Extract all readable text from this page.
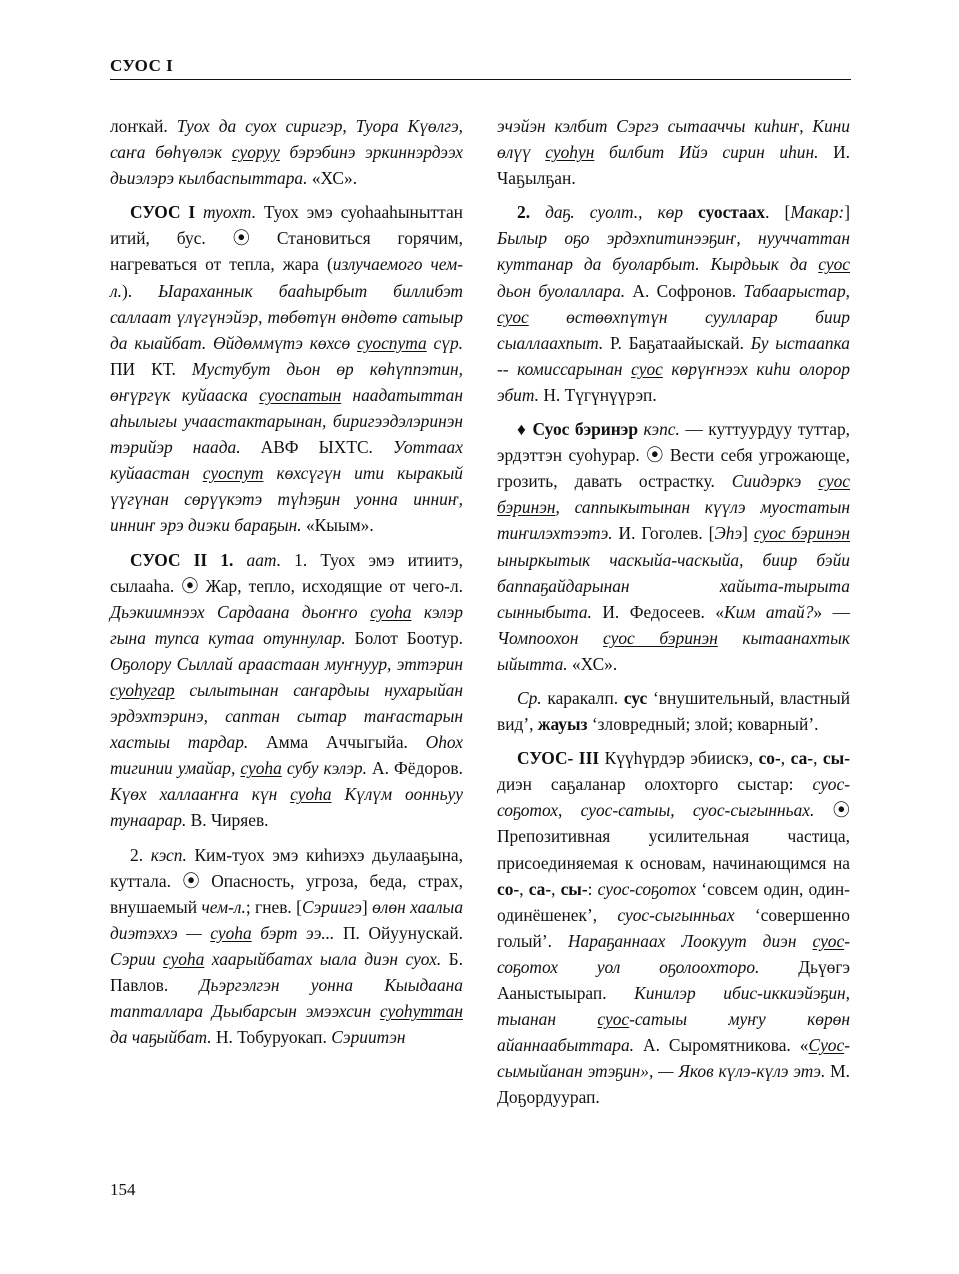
СУОС I

лоҥкай. Туох да суох сиригэр, Туора Күөлгэ, саҥа бөһүөлэк суоруу бэрэбинэ эркиннэрдээх дьиэлэрэ кылбаспыттара. «ХС».

СУОС I туохт. Туох эмэ суоһааһыныттан итий, бус. ⦿ Становиться горячим, нагреваться от тепла, жара (излучаемого чем-л.). Ыараханнык бааһырбыт биллибэт саллаат үлүгүнэйэр, төбөтүн өндөтө сатыыр да кыайбат. Өйдөммүтэ көхсө суоспута сүр. ПИ КТ. Мустубут дьон өр көһүппэтин, өҥүргүк куйааска суоспатын наадатыттан аһылыгы учаастактарынан, биригээдэлэринэн тэрийэр наада. АВФ ЫХТС. Уоттаах куйаастан суоспут көхсүгүн ити кыракый үүгүнан сөрүүкэтэ түһэҕин уонна инниҥ, инниҥ эрэ диэки бараҕын. «Кыым».

СУОС II 1. аат. 1. Туох эмэ итиитэ, сылааһа. ⦿ Жар, тепло, исходящие от чего-л. Дьэкиимнээх Сардаана дьоҥҥо суоһа кэлэр гына тупса кутаа отуннулар. Болот Боотур. Оҕолору Сыллай араастаан муҥнуур, эттэрин суоһугар сылытынан саҥардыы нухарыйан эрдэхтэринэ, саптан сытар таҥастарын хастыы тардар. Амма Аччыгыйа. Оһох тигинии умайар, суоһа субу кэлэр. А. Фёдоров. Күөх халлааҥҥа күн суоһа Күлүм оонньуу тунаарар. В. Чиряев.

2. кэсп. Ким-туох эмэ киһиэхэ дьулааҕына, куттала. ⦿ Опасность, угроза, беда, страх, внушаемый чем-л.; гнев. [Сэриигэ] өлөн хаалыа диэтэххэ — суоһа бэрт ээ... П. Ойуунускай. Сэрии суоһа хаарыйбатах ыала диэн суох. Б. Павлов. Дьэргэлгэн уонна Кыыдаана тапталлара Дьыбарсын эмээхсин суоһуттан да чаҕыйбат. Н. Тобуруокап. Сэриитэн

эчэйэн кэлбит Сэргэ сытааччы киһиҥ, Кини өлүү суоһун билбит Ийэ сирин иһин. И. Чаҕылҕан.

2. даҕ. суолт., көр суостаах. [Макар:] Былыр оҕо эрдэхпитинээҕиҥ, нууччаттан куттанар да буоларбыт. Кырдьык да суос дьон буолаллара. А. Софронов. Табаарыстар, суос өстөөхпүтүн суулларар биир сыаллаахпыт. Р. Баҕатаайыскай. Бу ыстаапка -- комиссарынан суос көрүҥнээх киһи олорор эбит. Н. Түгүнүүрэп.

♦ Суос бэринэр кэпс. — куттуурдуу туттар, эрдэттэн суоһурар. ⦿ Вести себя угрожающе, грозить, давать острастку. Сиидэркэ суос бэринэн, саппыкытынан күүлэ муостатын тиҥилэхтээтэ. И. Гоголев. [Эһэ] суос бэринэн ыныркытык часкыйа-часкыйа, биир бэйи баппаҕайдарынан хайыта-тырыта сынныбыта. И. Федосеев. «Ким атай?» — Чомпоохон суос бэринэн кытаанахтык ыйытта. «ХС».

Ср. каракалп. сус ‘внушительный, властный вид’, жауыз ‘зловредный; злой; коварный’.

СУОС- III Күүһүрдэр эбиискэ, со-, са-, сы- диэн саҕаланар олохторго сыстар: суос-соҕотох, суос-сатыы, суос-сыгынньах. ⦿ Препозитивная усилительная частица, присоединяемая к основам, начинающимся на со-, са-, сы-: суос-соҕотох ‘совсем один, один-одинёшенек’, суос-сыгынньах ‘совершенно голый’. Нараҕаннаах Лоокуут диэн суос-соҕотох уол оҕолоохторо. Дьүөгэ Ааныстыырап. Кинилэр ибис-иккиэйэҕин, тыанан суос-сатыы муҥу көрөн айаннаабыттара. А. Сыромятникова. «Суос-сымыйанан этэҕин», — Яков күлэ-күлэ этэ. М. Доҕордуурап.

154
